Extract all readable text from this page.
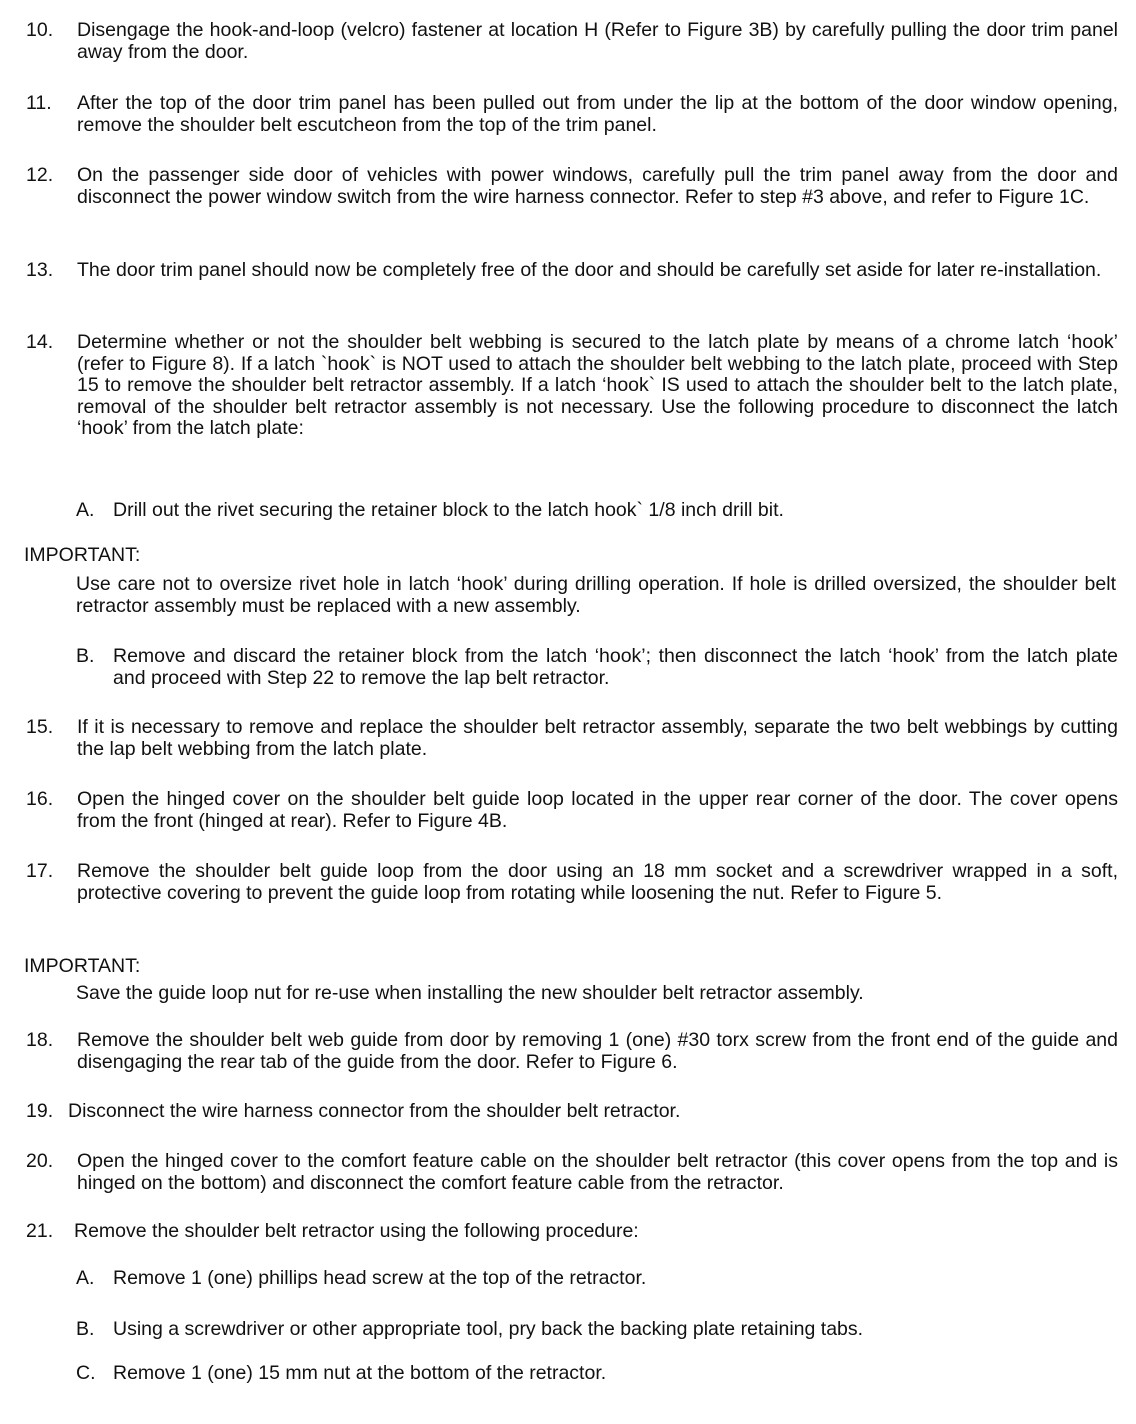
10.	Disengage the hook-and-loop (velcro) fastener at location H (Refer to Figure 3B) by carefully pulling the door trim panel away from the door.
11.	After the top of the door trim panel has been pulled out from under the lip at the bottom of the door window opening, remove the shoulder belt escutcheon from the top of the trim panel.
12.	On the passenger side door of vehicles with power windows, carefully pull the trim panel away from the door and disconnect the power window switch from the wire harness connector. Refer to step #3 above, and refer to Figure 1C.
13.	The door trim panel should now be completely free of the door and should be carefully set aside for later re-installation.
14.	Determine whether or not the shoulder belt webbing is secured to the latch plate by means of a chrome latch ‘hook’ (refer to Figure 8). If a latch `hook` is NOT used to attach the shoulder belt webbing to the latch plate, proceed with Step 15 to remove the shoulder belt retractor assembly. If a latch ‘hook` IS used to attach the shoulder belt to the latch plate, removal of the shoulder belt retractor assembly is not necessary. Use the following procedure to disconnect the latch ‘hook’ from the latch plate:
A. Drill out the rivet securing the retainer block to the latch hook` 1/8 inch drill bit.
IMPORTANT:
Use care not to oversize rivet hole in latch ‘hook’ during drilling operation. If hole is drilled oversized, the shoulder belt retractor assembly must be replaced with a new assembly.
B. Remove and discard the retainer block from the latch ‘hook’; then disconnect the latch ‘hook’ from the latch plate and proceed with Step 22 to remove the lap belt retractor.
15.	If it is necessary to remove and replace the shoulder belt retractor assembly, separate the two belt webbings by cutting the lap belt webbing from the latch plate.
16.	Open the hinged cover on the shoulder belt guide loop located in the upper rear corner of the door. The cover opens from the front (hinged at rear). Refer to Figure 4B.
17.	Remove the shoulder belt guide loop from the door using an 18 mm socket and a screwdriver wrapped in a soft, protective covering to prevent the guide loop from rotating while loosening the nut. Refer to Figure 5.
IMPORTANT:
Save the guide loop nut for re-use when installing the new shoulder belt retractor assembly.
18.	Remove the shoulder belt web guide from door by removing 1 (one) #30 torx screw from the front end of the guide and disengaging the rear tab of the guide from the door. Refer to Figure 6.
19. Disconnect the wire harness connector from the shoulder belt retractor.
20.	Open the hinged cover to the comfort feature cable on the shoulder belt retractor (this cover opens from the top and is hinged on the bottom) and disconnect the comfort feature cable from the retractor.
21.	Remove the shoulder belt retractor using the following procedure:
A. Remove 1 (one) phillips head screw at the top of the retractor.
B. Using a screwdriver or other appropriate tool, pry back the backing plate retaining tabs.
C. Remove 1 (one) 15 mm nut at the bottom of the retractor.
